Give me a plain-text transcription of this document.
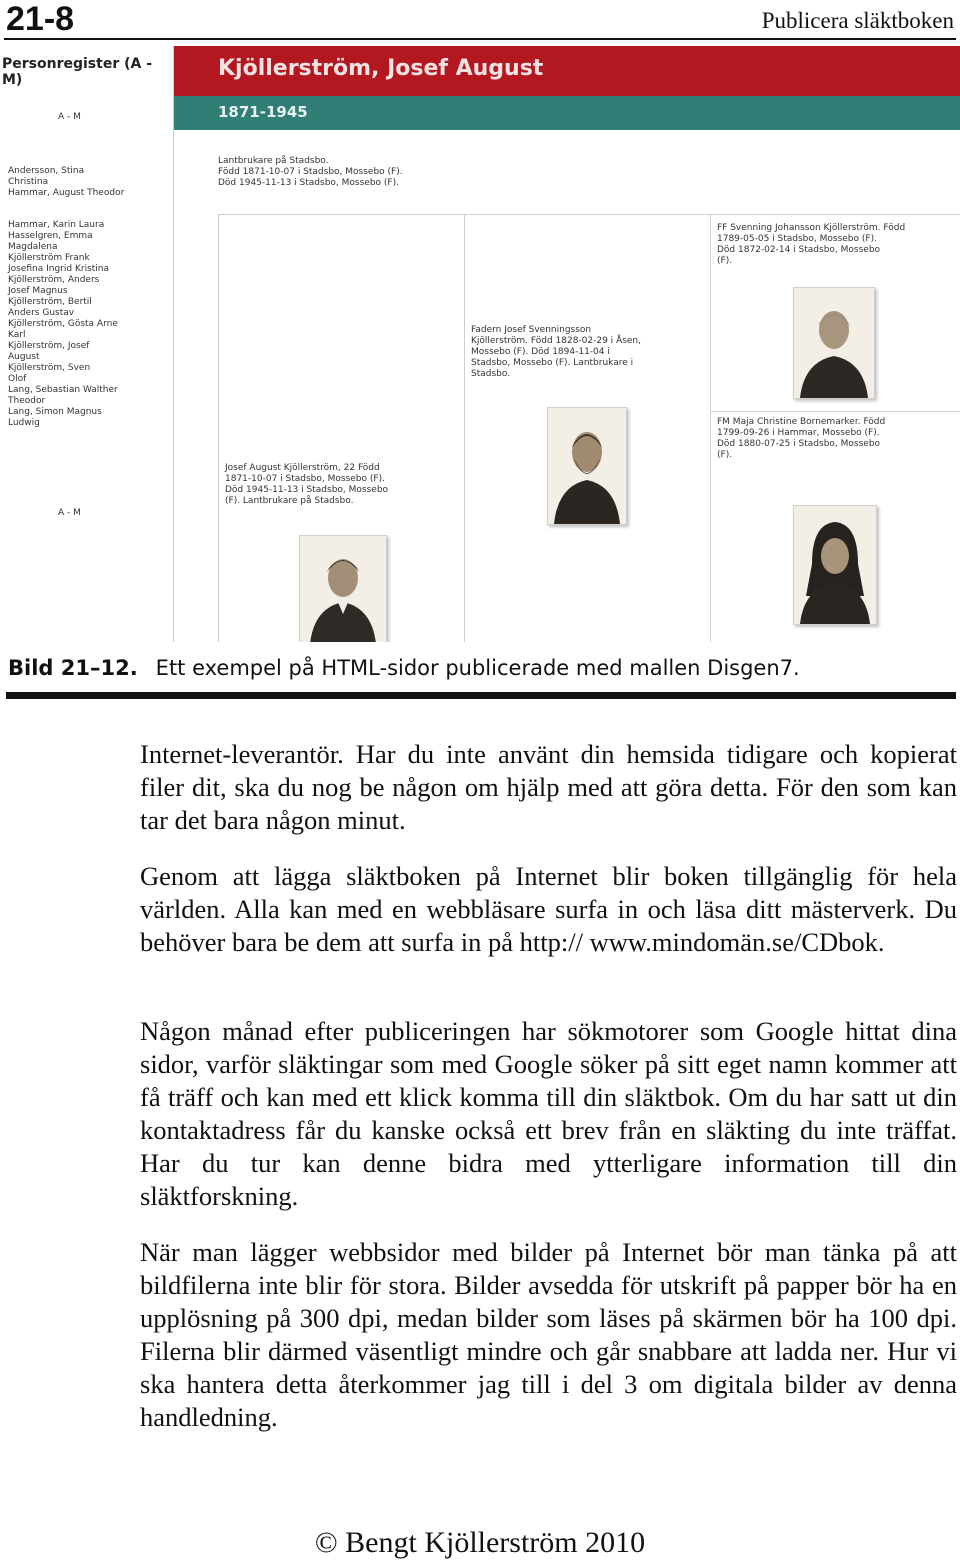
21-8	Publicera släktboken
Personregister (A - M)
A - M
Andersson, Stina
Christina
Hammar, August Theodor
Hammar, Karin Laura
Hasselgren, Emma
Magdalena
Kjöllerström Frank
Josefina Ingrid Kristina
Kjöllerström, Anders
Josef Magnus
Kjöllerström, Bertil
Anders Gustav
Kjöllerström, Gösta Arne
Karl
Kjöllerström, Josef
August
Kjöllerström, Sven
Olof
Lang, Sebastian Walther
Theodor
Lang, Simon Magnus
Ludwig
A - M
Kjöllerström, Josef August
1871-1945
Lantbrukare på Stadsbo.
Född 1871-10-07 i Stadsbo, Mossebo (F).
Död 1945-11-13 i Stadsbo, Mossebo (F).
Josef August Kjöllerström, 22 Född
1871-10-07 i Stadsbo, Mossebo (F).
Död 1945-11-13 i Stadsbo, Mossebo
(F). Lantbrukare på Stadsbo.
Fadern Josef Svenningsson
Kjöllerström. Född 1828-02-29 i Åsen,
Mossebo (F). Död 1894-11-04 i
Stadsbo, Mossebo (F). Lantbrukare i
Stadsbo.
FF Svenning Johansson Kjöllerström. Född
1789-05-05 i Stadsbo, Mossebo (F).
Död 1872-02-14 i Stadsbo, Mossebo
(F).
FM Maja Christine Bornemarker. Född
1799-09-26 i Hammar, Mossebo (F).
Död 1880-07-25 i Stadsbo, Mossebo
(F).
Bild 21–12. Ett exempel på HTML-sidor publicerade med mallen Disgen7.
Internet-leverantör. Har du inte använt din hemsida tidigare och kopierat filer dit, ska du nog be någon om hjälp med att göra detta. För den som kan tar det bara någon minut.
Genom att lägga släktboken på Internet blir boken tillgänglig för hela världen. Alla kan med en webbläsare surfa in och läsa ditt mästerverk. Du behöver bara be dem att surfa in på http:// www.mindomän.se/CDbok.
Någon månad efter publiceringen har sökmotorer som Google hittat dina sidor, varför släktingar som med Google söker på sitt eget namn kommer att få träff och kan med ett klick komma till din släktbok. Om du har satt ut din kontaktadress får du kanske också ett brev från en släkting du inte träffat. Har du tur kan denne bidra med ytterligare information till din släktforskning.
När man lägger webbsidor med bilder på Internet bör man tänka på att bildfilerna inte blir för stora. Bilder avsedda för utskrift på papper bör ha en upplösning på 300 dpi, medan bilder som läses på skärmen bör ha 100 dpi. Filerna blir därmed väsentligt mindre och går snabbare att ladda ner. Hur vi ska hantera detta återkommer jag till i del 3 om digitala bilder av denna handledning.
© Bengt Kjöllerström 2010
